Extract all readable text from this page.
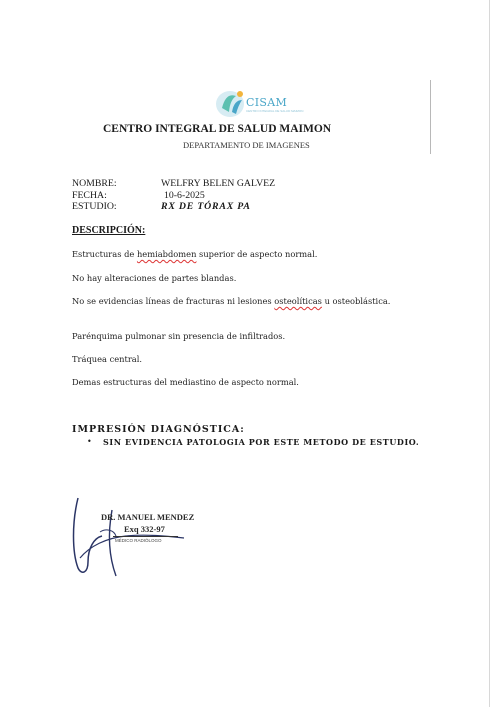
CISAM
CENTRO INTEGRAL DE SALUD MAIMON
CENTRO INTEGRAL DE SALUD MAIMON
DEPARTAMENTO DE IMAGENES
NOMBRE:	WELFRY BELEN GALVEZ
FECHA:	10-6-2025
ESTUDIO:	RX DE TÓRAX PA
DESCRIPCIÓN:
Estructuras de hemiabdomen superior de aspecto normal.
No hay alteraciones de partes blandas.
No se evidencias líneas de fracturas ni lesiones osteolíticas u osteoblástica.
Parénquima pulmonar sin presencia de infiltrados.
Tráquea central.
Demas estructuras del mediastino de aspecto normal.
IMPRESIÓN DIAGNÓSTICA:
• SIN EVIDENCIA PATOLOGIA POR ESTE METODO DE ESTUDIO.
DR. MANUEL MENDEZ
Exq 332-97
MÉDICO RADIÓLOGO
